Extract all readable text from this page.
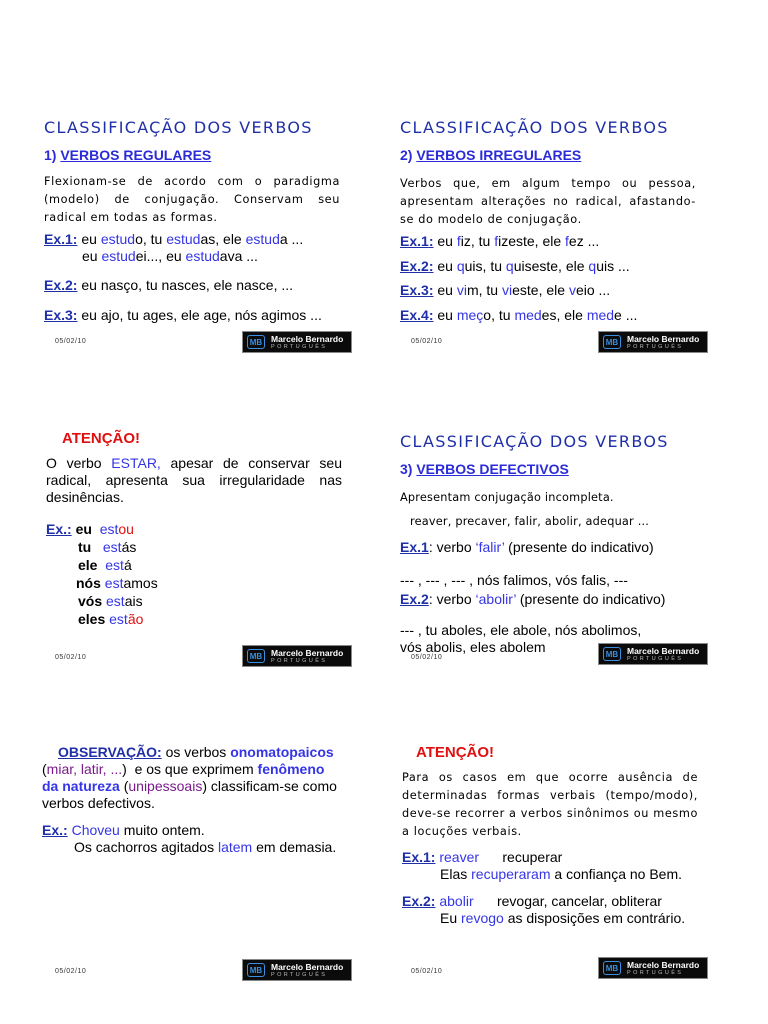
CLASSIFICAÇÃO DOS VERBOS
1) VERBOS REGULARES
Flexionam-se de acordo com o paradigma (modelo) de conjugação. Conservam seu radical em todas as formas.
Ex.1: eu estudo, tu estudas, ele estuda ...
eu estudei..., eu estudava ...
Ex.2: eu nasço, tu nasces, ele nasce, ...
Ex.3: eu ajo, tu ages, ele age, nós agimos ...
05/02/10	MB	Marcelo Bernardo
PORTUGUÊS
CLASSIFICAÇÃO DOS VERBOS
2) VERBOS IRREGULARES
Verbos que, em algum tempo ou pessoa, apresentam alterações no radical, afastando-se do modelo de conjugação.
Ex.1: eu fiz, tu fizeste, ele fez ...
Ex.2: eu quis, tu quiseste, ele quis ...
Ex.3: eu vim, tu vieste, ele veio ...
Ex.4: eu meço, tu medes, ele mede ...
05/02/10	MB	Marcelo Bernardo
PORTUGUÊS
ATENÇÃO!
O verbo ESTAR, apesar de conservar seu radical, apresenta sua irregularidade nas desinências.
Ex.: eu estou
tu estás
ele está
nós estamos
vós estais
eles estão
05/02/10	MB	Marcelo Bernardo
PORTUGUÊS
CLASSIFICAÇÃO DOS VERBOS
3) VERBOS DEFECTIVOS
Apresentam conjugação incompleta.
reaver, precaver, falir, abolir, adequar ...
Ex.1: verbo ‘falir’ (presente do indicativo)
--- , --- , --- , nós falimos, vós falis, ---
Ex.2: verbo ‘abolir’ (presente do indicativo)
--- , tu aboles, ele abole, nós abolimos,
vós abolis, eles abolem
05/02/10	MB	Marcelo Bernardo
PORTUGUÊS
OBSERVAÇÃO: os verbos onomatopaicos
(miar, latir, ...)  e os que exprimem fenômeno
da natureza (unipessoais) classificam-se como
verbos defectivos.
Ex.: Choveu muito ontem.
Os cachorros agitados latem em demasia.
05/02/10	MB	Marcelo Bernardo
PORTUGUÊS
ATENÇÃO!
Para os casos em que ocorre ausência de determinadas formas verbais (tempo/modo), deve-se recorrer a verbos sinônimos ou mesmo a locuções verbais.
Ex.1: reaver recuperar
Elas recuperaram a confiança no Bem.
Ex.2: abolir revogar, cancelar, obliterar
Eu revogo as disposições em contrário.
05/02/10	MB	Marcelo Bernardo
PORTUGUÊS
